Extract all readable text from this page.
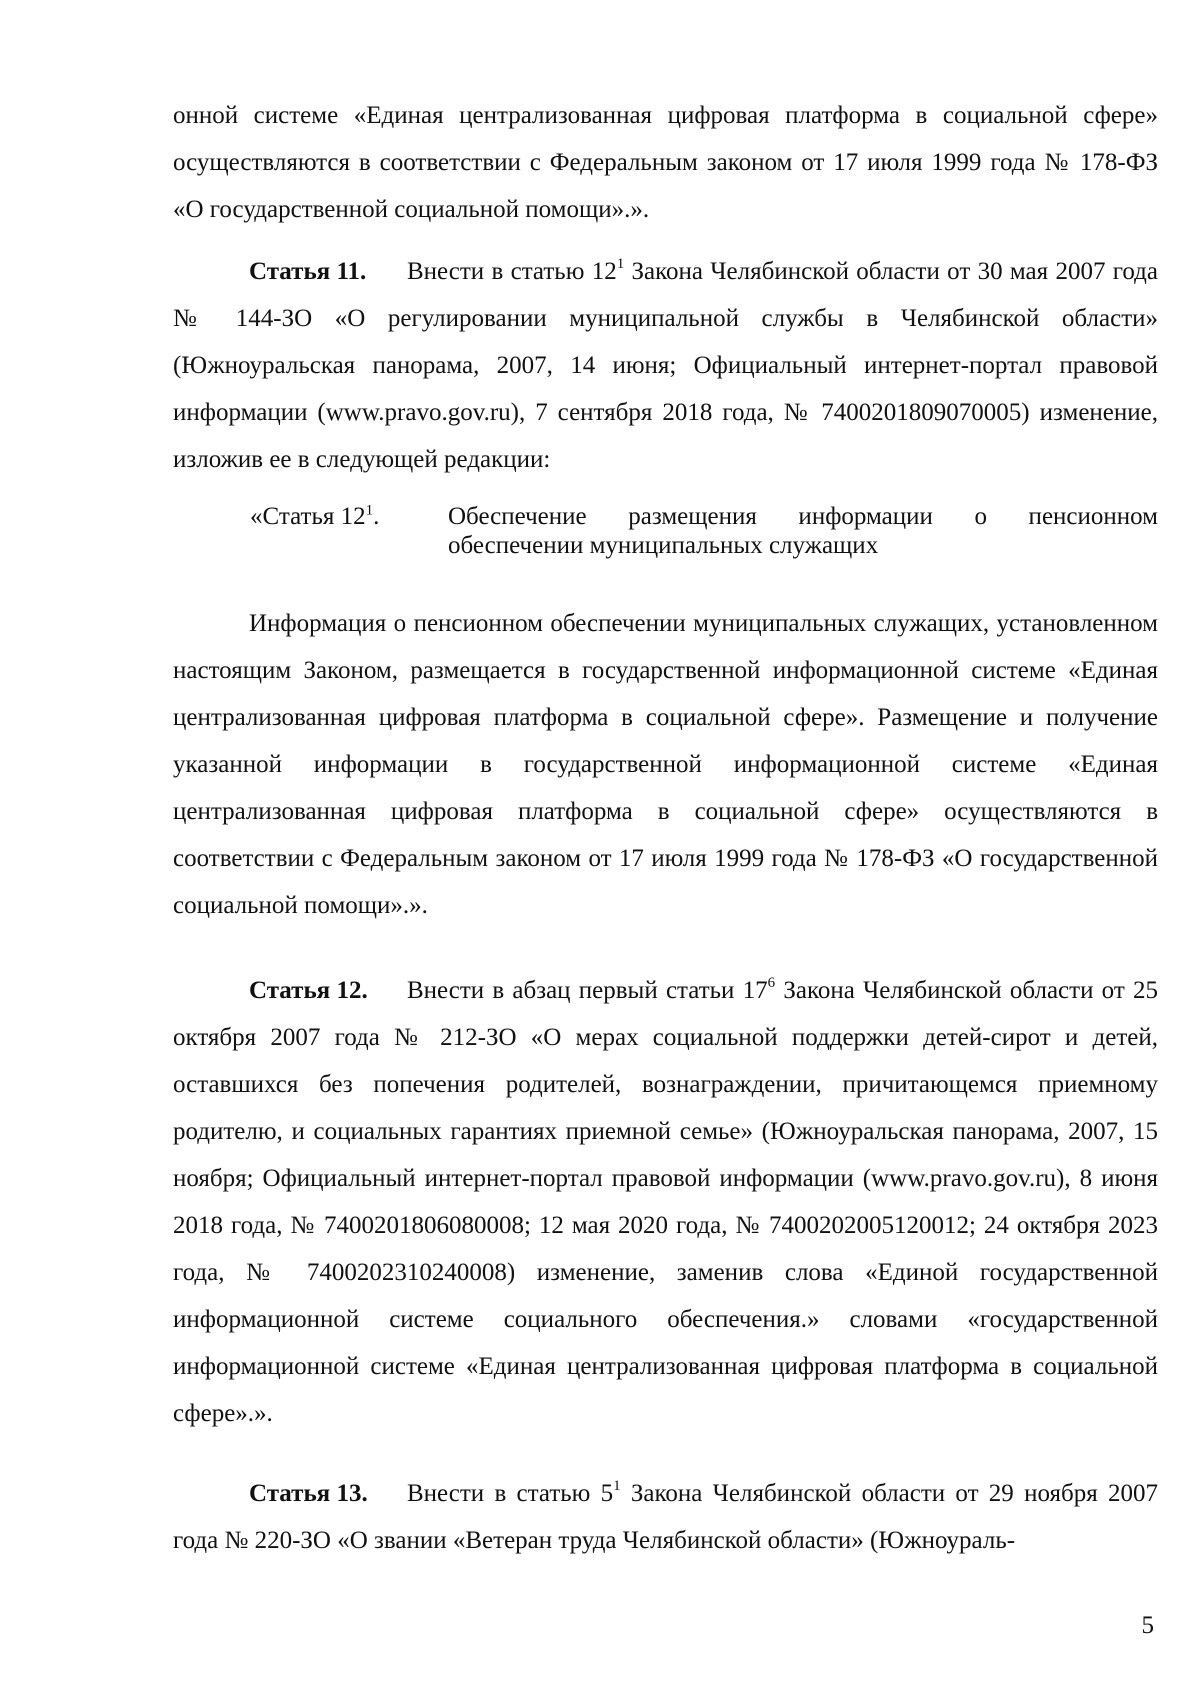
онной системе «Единая централизованная цифровая платформа в социальной сфере» осуществляются в соответствии с Федеральным законом от 17 июля 1999 года № 178-ФЗ «О государственной социальной помощи».».

Статья 11. Внести в статью $12^1$ Закона Челябинской области от 30 мая 2007 года № 144-ЗО «О регулировании муниципальной службы в Челябинской области» (Южноуральская панорама, 2007, 14 июня; Официальный интернет-портал правовой информации (www.pravo.gov.ru), 7 сентября 2018 года, № 7400201809070005) изменение, изложив ее в следующей редакции:

«Статья $12^1$.	Обеспечение размещения информации о пенсионном обеспечении муниципальных служащих

Информация о пенсионном обеспечении муниципальных служащих, установленном настоящим Законом, размещается в государственной информационной системе «Единая централизованная цифровая платформа в социальной сфере». Размещение и получение указанной информации в государственной информационной системе «Единая централизованная цифровая платформа в социальной сфере» осуществляются в соответствии с Федеральным законом от 17 июля 1999 года № 178-ФЗ «О государственной социальной помощи».».

Статья 12. Внести в абзац первый статьи $17^6$ Закона Челябинской области от 25 октября 2007 года № 212-ЗО «О мерах социальной поддержки детей-сирот и детей, оставшихся без попечения родителей, вознаграждении, причитающемся приемному родителю, и социальных гарантиях приемной семье» (Южноуральская панорама, 2007, 15 ноября; Официальный интернет-портал правовой информации (www.pravo.gov.ru), 8 июня 2018 года, № 7400201806080008; 12 мая 2020 года, № 7400202005120012; 24 октября 2023 года, № 7400202310240008) изменение, заменив слова «Единой государственной информационной системе социального обеспечения.» словами «государственной информационной системе «Единая централизованная цифровая платформа в социальной сфере».».

Статья 13. Внести в статью $5^1$ Закона Челябинской области от 29 ноября 2007 года № 220-ЗО «О звании «Ветеран труда Челябинской области» (Южноураль-

5
